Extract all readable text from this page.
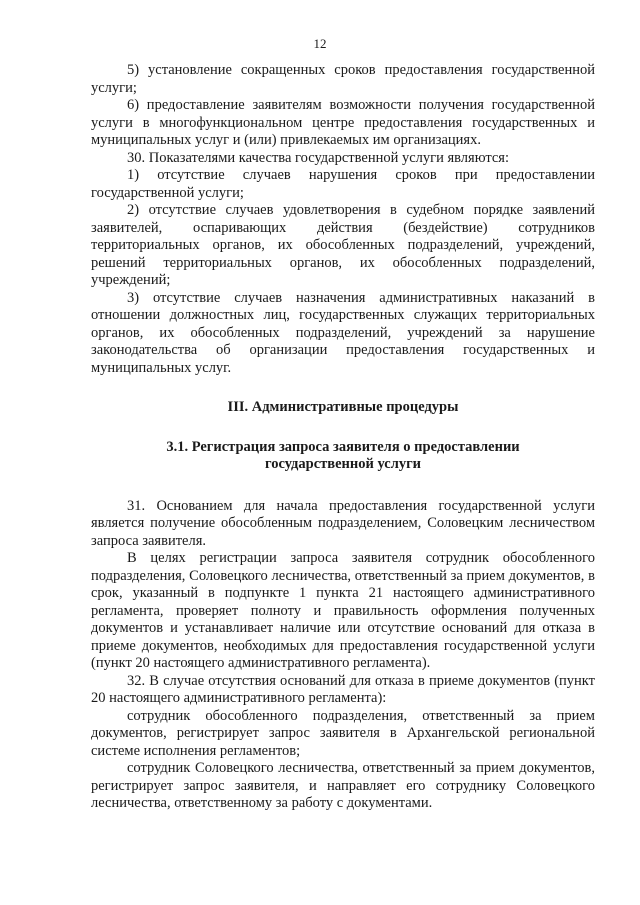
12

5) установление сокращенных сроков предоставления государственной услуги;

6) предоставление заявителям возможности получения государственной услуги в многофункциональном центре предоставления государственных и муниципальных услуг и (или) привлекаемых им организациях.

30. Показателями качества государственной услуги являются:

1) отсутствие случаев нарушения сроков при предоставлении государственной услуги;

2) отсутствие случаев удовлетворения в судебном порядке заявлений заявителей, оспаривающих действия (бездействие) сотрудников территориальных органов, их обособленных подразделений, учреждений, решений территориальных органов, их обособленных подразделений, учреждений;

3) отсутствие случаев назначения административных наказаний в отношении должностных лиц, государственных служащих территориальных органов, их обособленных подразделений, учреждений за нарушение законодательства об организации предоставления государственных и муниципальных услуг.

III. Административные процедуры

3.1. Регистрация запроса заявителя о предоставлении

государственной услуги

31. Основанием для начала предоставления государственной услуги является получение обособленным подразделением, Соловецким лесничеством запроса заявителя.

В целях регистрации запроса заявителя сотрудник обособленного подразделения, Соловецкого лесничества, ответственный за прием документов, в срок, указанный в подпункте 1 пункта 21 настоящего административного регламента, проверяет полноту и правильность оформления полученных документов и устанавливает наличие или отсутствие оснований для отказа в приеме документов, необходимых для предоставления государственной услуги (пункт 20 настоящего административного регламента).

32. В случае отсутствия оснований для отказа в приеме документов (пункт 20 настоящего административного регламента):

сотрудник обособленного подразделения, ответственный за прием документов, регистрирует запрос заявителя в Архангельской региональной системе исполнения регламентов;

сотрудник Соловецкого лесничества, ответственный за прием документов, регистрирует запрос заявителя, и направляет его сотруднику Соловецкого лесничества, ответственному за работу с документами.
